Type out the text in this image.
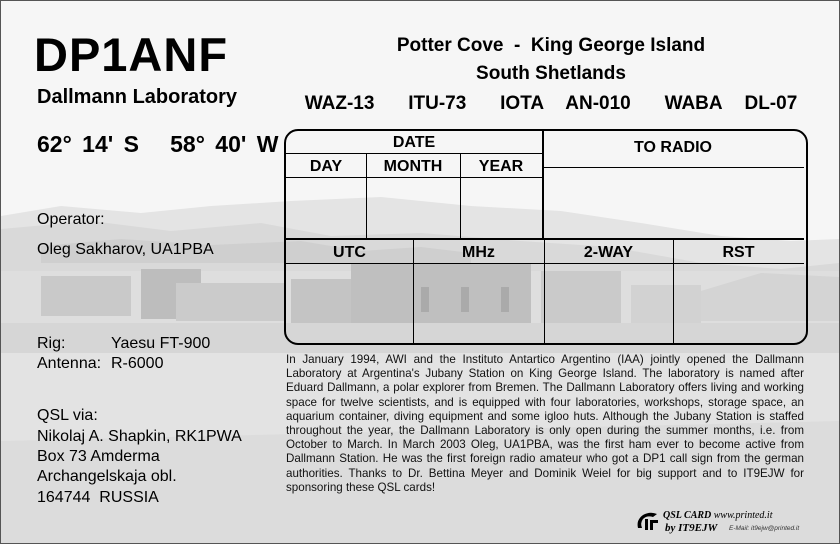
DP1ANF
Dallmann Laboratory
62° 14' S   58° 40' W
Potter Cove  -  King George Island
South Shetlands
WAZ-13   ITU-73   IOTA  AN-010   WABA  DL-07
Operator:
Oleg Sakharov, UA1PBA
Rig:	Yaesu FT-900
Antenna: R-6000
QSL via:
Nikolaj A. Shapkin, RK1PWA
Box 73 Amderma
Archangelskaja obl.
164744  RUSSIA
DATE	TO RADIO
DAY	MONTH	YEAR
UTC	MHz	2-WAY	RST
In January 1994, AWI and the Instituto Antartico Argentino (IAA) jointly opened the Dallmann Laboratory at Argentina's Jubany Station on King George Island. The laboratory is named after Eduard Dallmann, a polar explorer from Bremen. The Dallmann Laboratory offers living and working space for twelve scientists, and is equipped with four laboratories, workshops, storage space, an aquarium container, diving equipment and some igloo huts. Although the Jubany Station is staffed throughout the year, the Dallmann Laboratory is only open during the summer months, i.e. from October to March. In March 2003 Oleg, UA1PBA, was the first ham ever to become active from Dallmann Station. He was the first foreign radio amateur who got a DP1 call sign from the german authorities. Thanks to Dr. Bettina Meyer and Dominik Weiel for big support and to IT9EJW for sponsoring these QSL cards!
QSL CARD www.printed.it
by IT9EJW E-Mail: it9ejw@printed.it
